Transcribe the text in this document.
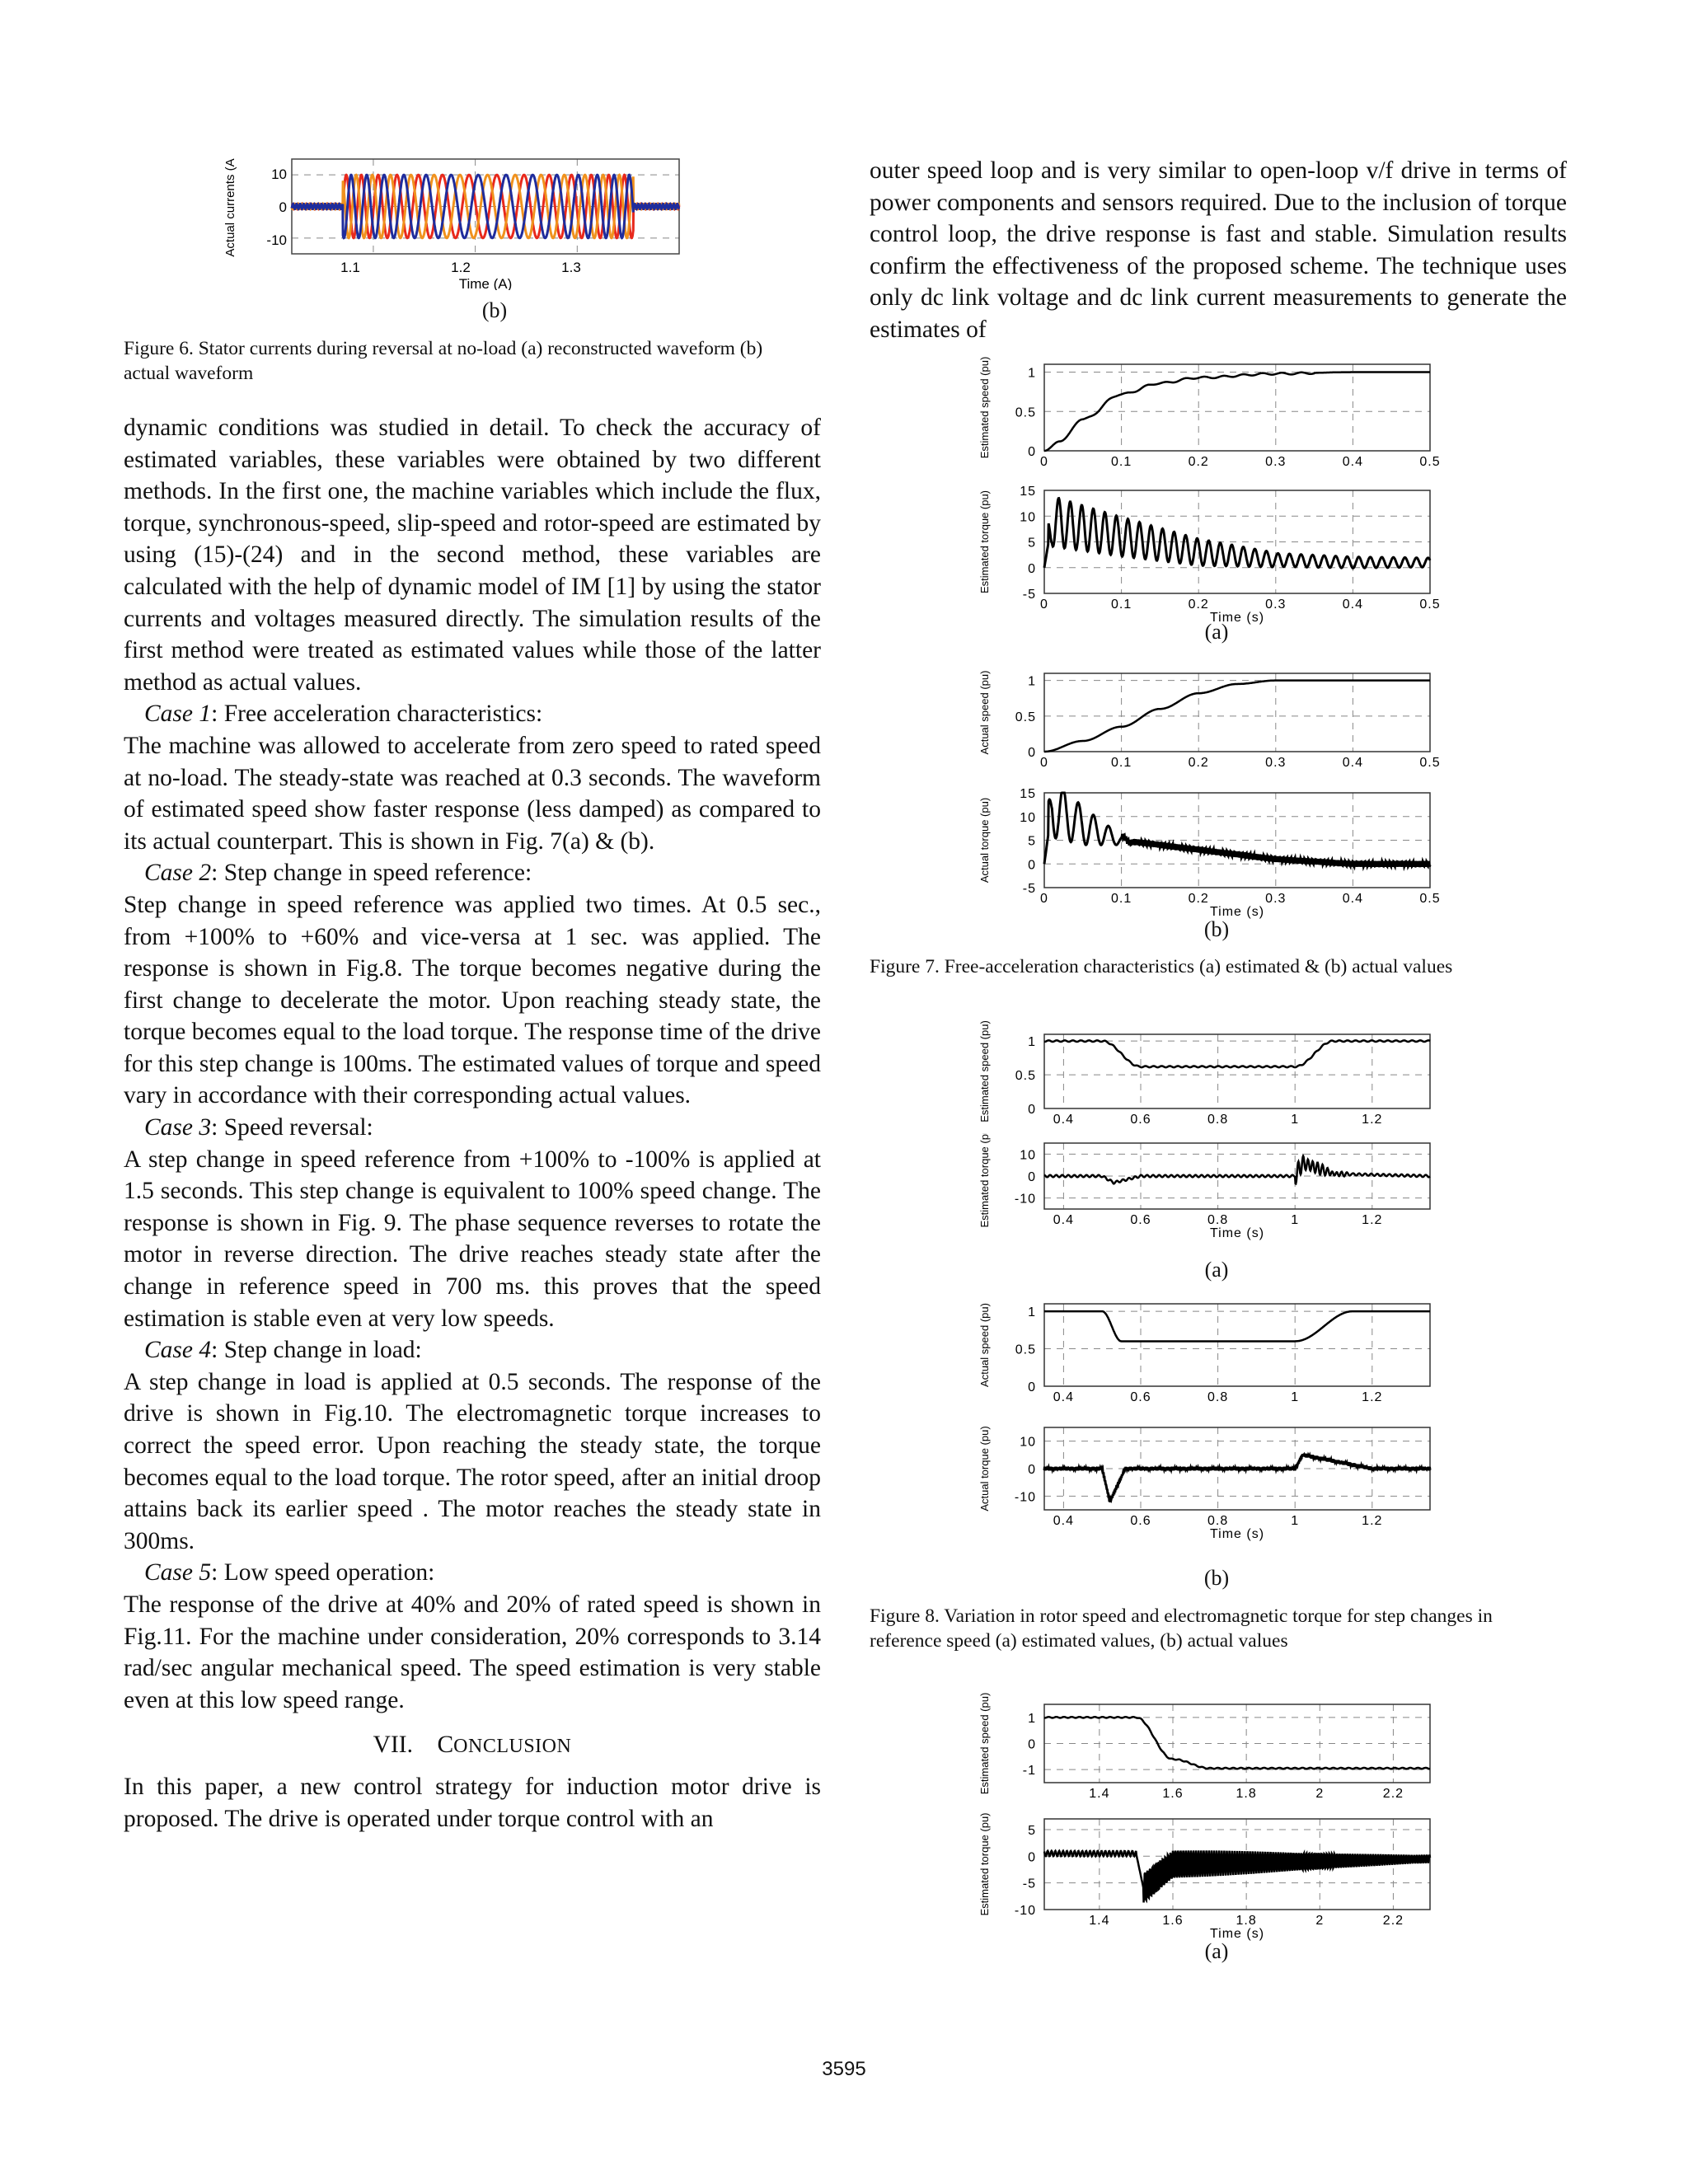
10
0
-10
1.1	1.2	1.3
Time (A)
Actual currents (A
(b)
Figure 6. Stator currents during reversal at no-load (a) reconstructed waveform (b) actual waveform

dynamic conditions was studied in detail. To check the accuracy of estimated variables, these variables were obtained by two different methods. In the first one, the machine variables which include the flux, torque, synchronous-speed, slip-speed and rotor-speed are estimated by using (15)-(24) and in the second method, these variables are calculated with the help of dynamic model of IM [1] by using the stator currents and voltages measured directly. The simulation results of the first method were treated as estimated values while those of the latter method as actual values.

Case 1: Free acceleration characteristics:

The machine was allowed to accelerate from zero speed to rated speed at no-load. The steady-state was reached at 0.3 seconds. The waveform of estimated speed show faster response (less damped) as compared to its actual counterpart. This is shown in Fig. 7(a) & (b).

Case 2: Step change in speed reference:

Step change in speed reference was applied two times. At 0.5 sec., from +100% to +60% and vice-versa at 1 sec. was applied. The response is shown in Fig.8. The torque becomes negative during the first change to decelerate the motor. Upon reaching steady state, the torque becomes equal to the load torque. The response time of the drive for this step change is 100ms. The estimated values of torque and speed vary in accordance with their corresponding actual values.

Case 3: Speed reversal:

A step change in speed reference from +100% to -100% is applied at 1.5 seconds. This step change is equivalent to 100% speed change. The response is shown in Fig. 9. The phase sequence reverses to rotate the motor in reverse direction. The drive reaches steady state after the change in reference speed in 700 ms. this proves that the speed estimation is stable even at very low speeds.

Case 4: Step change in load:

A step change in load is applied at 0.5 seconds. The response of the drive is shown in Fig.10. The electromagnetic torque increases to correct the speed error. Upon reaching the steady state, the torque becomes equal to the load torque. The rotor speed, after an initial droop attains back its earlier speed . The motor reaches the steady state in 300ms.

Case 5: Low speed operation:

The response of the drive at 40% and 20% of rated speed is shown in Fig.11. For the machine under consideration, 20% corresponds to 3.14 rad/sec angular mechanical speed. The speed estimation is very stable even at this low speed range.

VII. CONCLUSION

In this paper, a new control strategy for induction motor drive is proposed. The drive is operated under torque control with an

outer speed loop and is very similar to open-loop v/f drive in terms of power components and sensors required. Due to the inclusion of torque control loop, the drive response is fast and stable. Simulation results confirm the effectiveness of the proposed scheme. The technique uses only dc link voltage and dc link current measurements to generate the estimates of

0	0.1	0.2	0.3	0.4	0.5
0
0.5
1
Estimated speed (pu)
0	0.1	0.2	0.3	0.4	0.5
-5
0
5
10
15
Estimated torque (pu)
Time (s)
(a)
0	0.1	0.2	0.3	0.4	0.5
0
0.5
1
Actual speed (pu)
0	0.1	0.2	0.3	0.4	0.5
-5
0
5
10
15
Actual torque (pu)
Time (s)
(b)
Figure 7. Free-acceleration characteristics (a) estimated & (b) actual values
0.4	0.6	0.8	1	1.2
0
0.5
1
Estimated speed (pu)
0.4	0.6	0.8	1	1.2
-10
0
10
Estimated torque (pu)
Time (s)
(a)
0.4	0.6	0.8	1	1.2
0
0.5
1
Actual speed (pu)
0.4	0.6	0.8	1	1.2
-10
0
10
Actual torque (pu)
Time (s)
(b)
Figure 8. Variation in rotor speed and electromagnetic torque for step changes in reference speed (a) estimated values, (b) actual values
1.4	1.6	1.8	2	2.2
-1
0
1
Estimated speed (pu)
1.4	1.6	1.8	2	2.2
-10
-5
0
5
Estimated torque (pu)
Time (s)
(a)
3595
